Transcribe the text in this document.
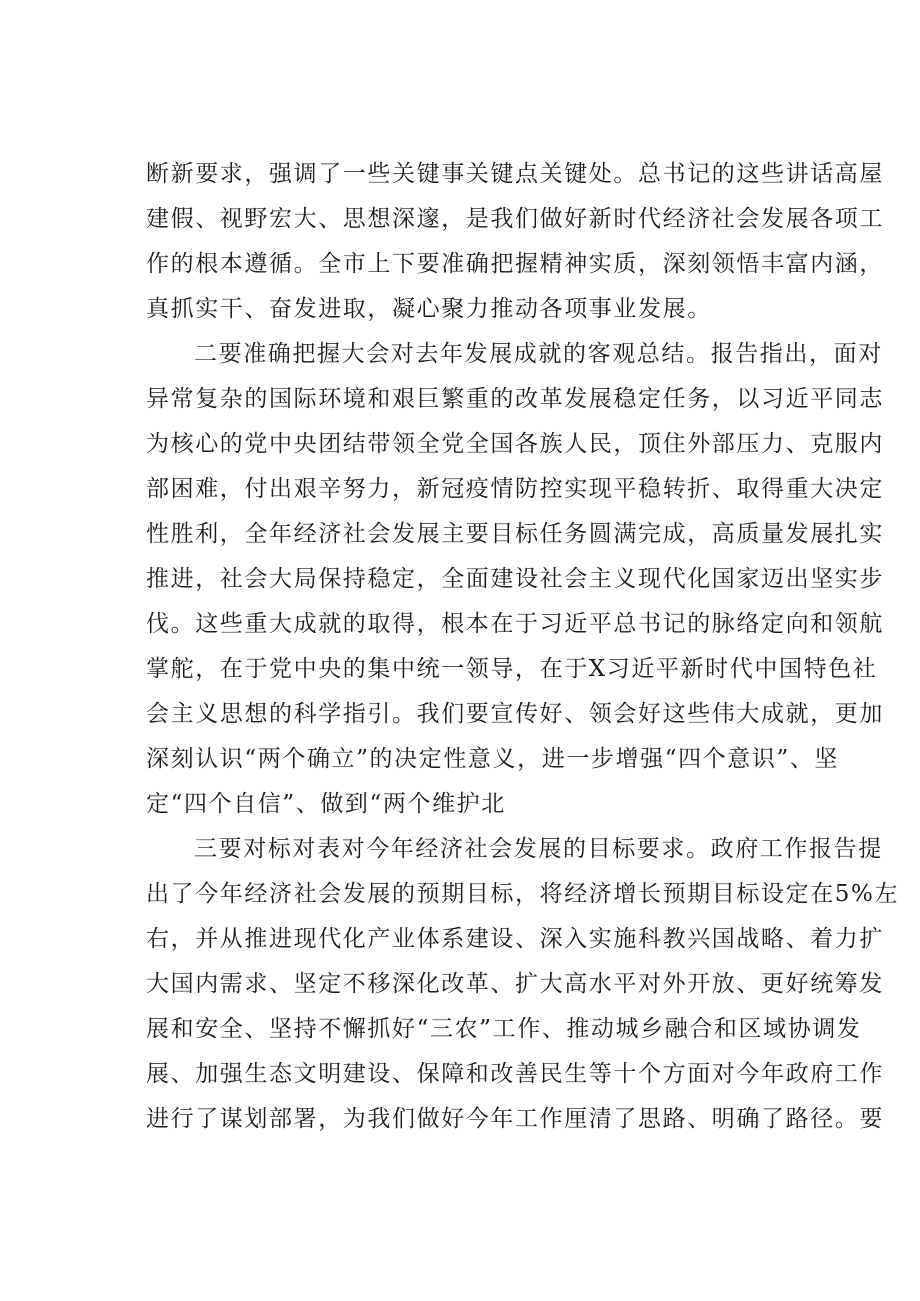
断新要求，强调了一些关键事关键点关键处。总书记的这些讲话高屋
建假、视野宏大、思想深邃，是我们做好新时代经济社会发展各项工
作的根本遵循。全市上下要准确把握精神实质，深刻领悟丰富内涵，
真抓实干、奋发进取，凝心聚力推动各项事业发展。
二要准确把握大会对去年发展成就的客观总结。报告指出，面对
异常复杂的国际环境和艰巨繁重的改革发展稳定任务，以习近平同志
为核心的党中央团结带领全党全国各族人民，顶住外部压力、克服内
部困难，付出艰辛努力，新冠疫情防控实现平稳转折、取得重大决定
性胜利，全年经济社会发展主要目标任务圆满完成，高质量发展扎实
推进，社会大局保持稳定，全面建设社会主义现代化国家迈出坚实步
伐。这些重大成就的取得，根本在于习近平总书记的脉络定向和领航
掌舵，在于党中央的集中统一领导，在于X习近平新时代中国特色社
会主义思想的科学指引。我们要宣传好、领会好这些伟大成就，更加
深刻认识“两个确立”的决定性意义，进一步增强“四个意识”、坚
定“四个自信”、做到“两个维护北
三要对标对表对今年经济社会发展的目标要求。政府工作报告提
出了今年经济社会发展的预期目标，将经济增长预期目标设定在5%左
右，并从推进现代化产业体系建设、深入实施科教兴国战略、着力扩
大国内需求、坚定不移深化改革、扩大高水平对外开放、更好统筹发
展和安全、坚持不懈抓好“三农”工作、推动城乡融合和区域协调发
展、加强生态文明建设、保障和改善民生等十个方面对今年政府工作
进行了谋划部署，为我们做好今年工作厘清了思路、明确了路径。要
